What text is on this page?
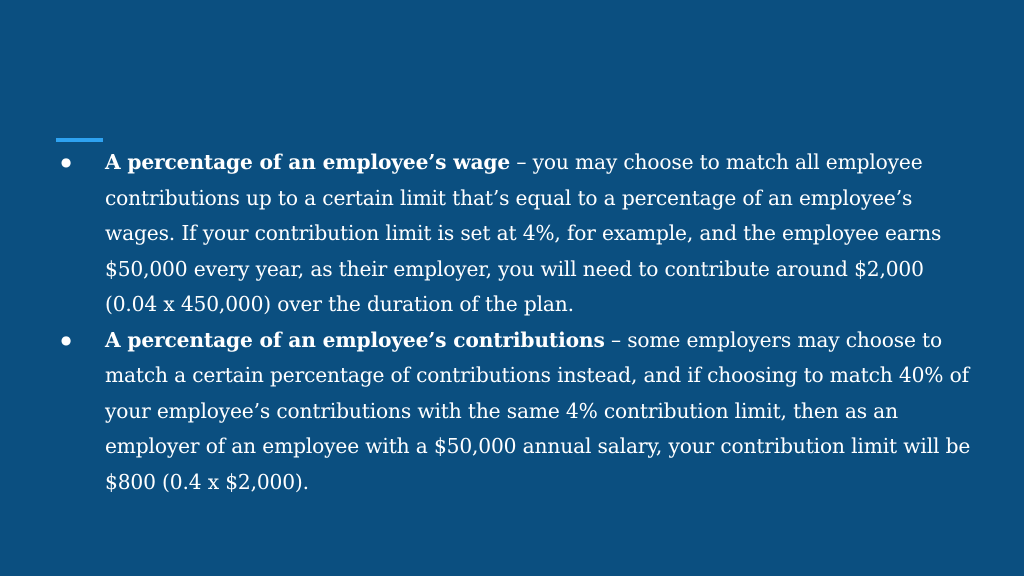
● A percentage of an employee’s wage – you may choose to match all employee contributions up to a certain limit that’s equal to a percentage of an employee’s wages. If your contribution limit is set at 4%, for example, and the employee earns $50,000 every year, as their employer, you will need to contribute around $2,000 (0.04 x 450,000) over the duration of the plan.
● A percentage of an employee’s contributions – some employers may choose to match a certain percentage of contributions instead, and if choosing to match 40% of your employee’s contributions with the same 4% contribution limit, then as an employer of an employee with a $50,000 annual salary, your contribution limit will be $800 (0.4 x $2,000).
